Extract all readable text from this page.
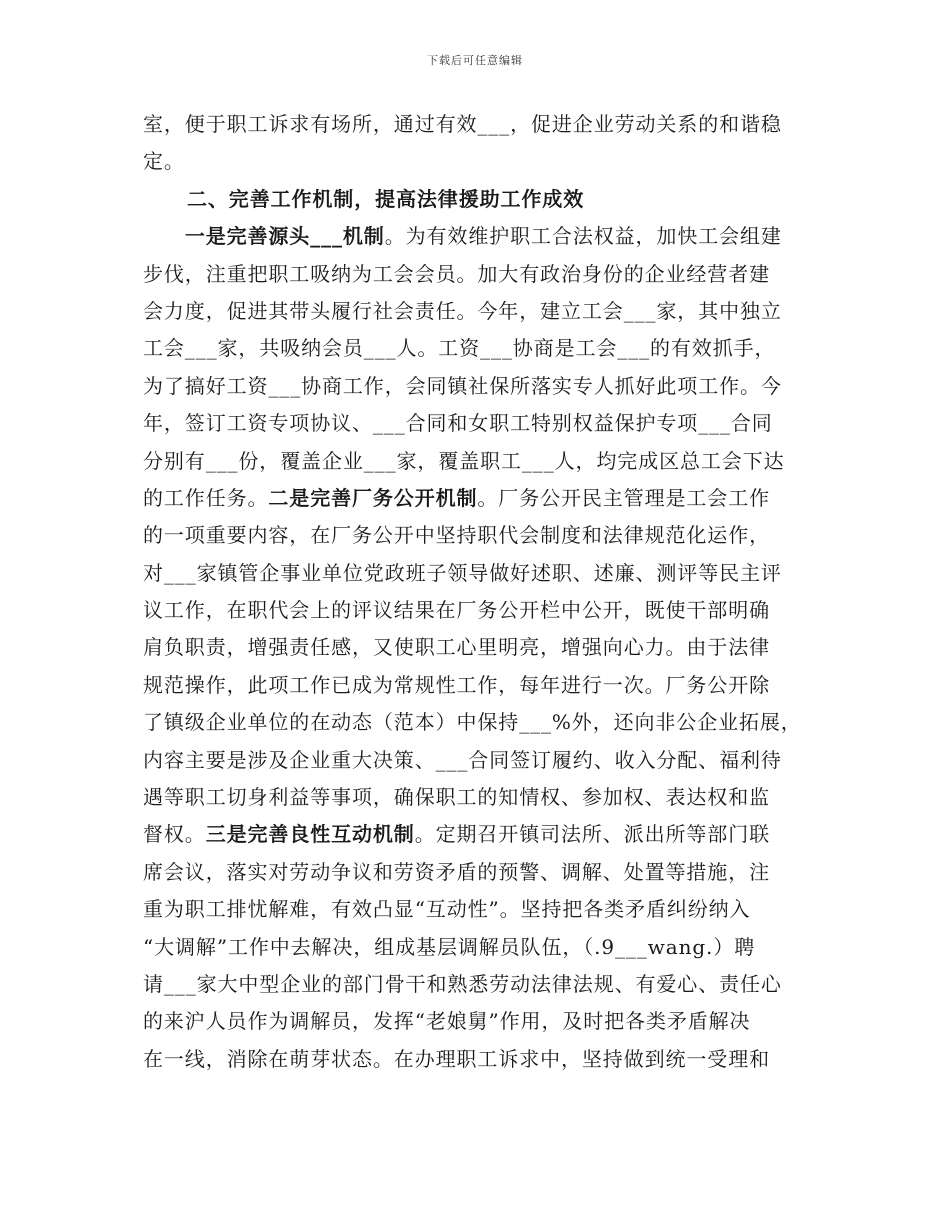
下载后可任意编辑
室，便于职工诉求有场所，通过有效___，促进企业劳动关系的和谐稳
定。
二、完善工作机制，提高法律援助工作成效
　　一是完善源头___机制。为有效维护职工合法权益，加快工会组建
步伐，注重把职工吸纳为工会会员。加大有政治身份的企业经营者建
会力度，促进其带头履行社会责任。今年，建立工会___家，其中独立
工会___家，共吸纳会员___人。工资___协商是工会___的有效抓手，
为了搞好工资___协商工作，会同镇社保所落实专人抓好此项工作。今
年，签订工资专项协议、___合同和女职工特别权益保护专项___合同
分别有___份，覆盖企业___家，覆盖职工___人，均完成区总工会下达
的工作任务。二是完善厂务公开机制。厂务公开民主管理是工会工作
的一项重要内容，在厂务公开中坚持职代会制度和法律规范化运作，
对___家镇管企事业单位党政班子领导做好述职、述廉、测评等民主评
议工作，在职代会上的评议结果在厂务公开栏中公开，既使干部明确
肩负职责，增强责任感，又使职工心里明亮，增强向心力。由于法律
规范操作，此项工作已成为常规性工作，每年进行一次。厂务公开除
了镇级企业单位的在动态（范本）中保持___%外，还向非公企业拓展，
内容主要是涉及企业重大决策、___合同签订履约、收入分配、福利待
遇等职工切身利益等事项，确保职工的知情权、参加权、表达权和监
督权。三是完善良性互动机制。定期召开镇司法所、派出所等部门联
席会议，落实对劳动争议和劳资矛盾的预警、调解、处置等措施，注
重为职工排忧解难，有效凸显“互动性”。坚持把各类矛盾纠纷纳入
“大调解”工作中去解决，组成基层调解员队伍，（.9___wang.）聘
请___家大中型企业的部门骨干和熟悉劳动法律法规、有爱心、责任心
的来沪人员作为调解员，发挥“老娘舅”作用，及时把各类矛盾解决
在一线，消除在萌芽状态。在办理职工诉求中，坚持做到统一受理和
